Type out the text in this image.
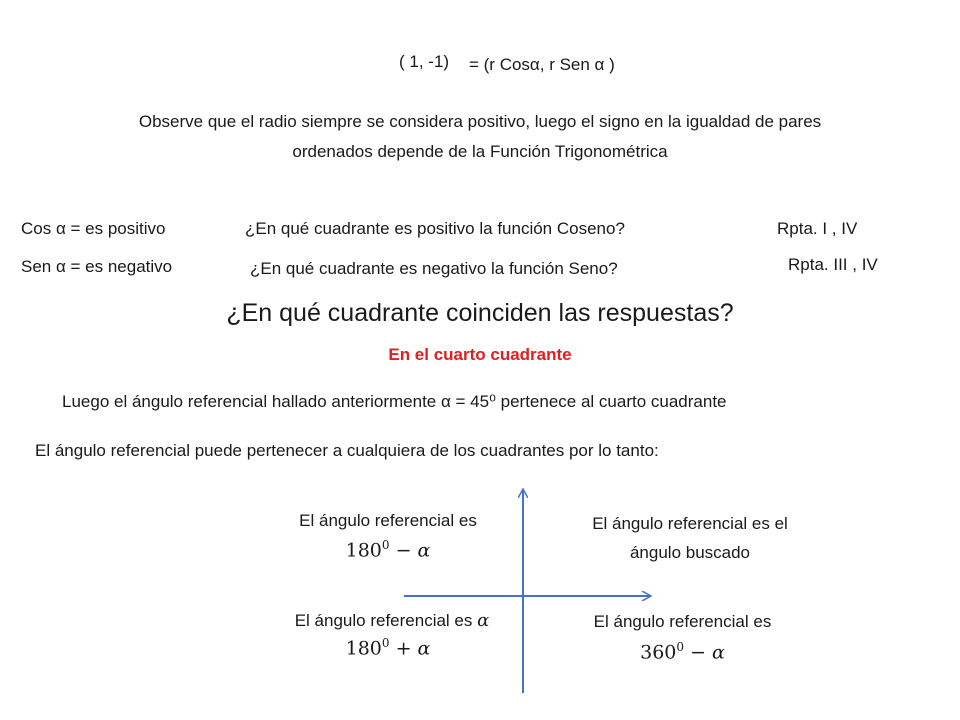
( 1, -1) = (r Cosα, r Sen α )
Observe que el radio siempre se considera positivo, luego el signo en la igualdad de pares
ordenados depende de la Función Trigonométrica
Cos α = es positivo	¿En qué cuadrante es positivo la función Coseno?	Rpta. I , IV
Sen α = es negativo	¿En qué cuadrante es negativo la función Seno?	Rpta. III , IV
¿En qué cuadrante coinciden las respuestas?
En el cuarto cuadrante
Luego el ángulo referencial hallado anteriormente α = 45⁰ pertenece al cuarto cuadrante
El ángulo referencial puede pertenecer a cualquiera de los cuadrantes por lo tanto:
El ángulo referencial es
$180^0 - \alpha$
El ángulo referencial es el
ángulo buscado
El ángulo referencial es α
$180^0 + \alpha$
El ángulo referencial es
$360^0 - \alpha$
